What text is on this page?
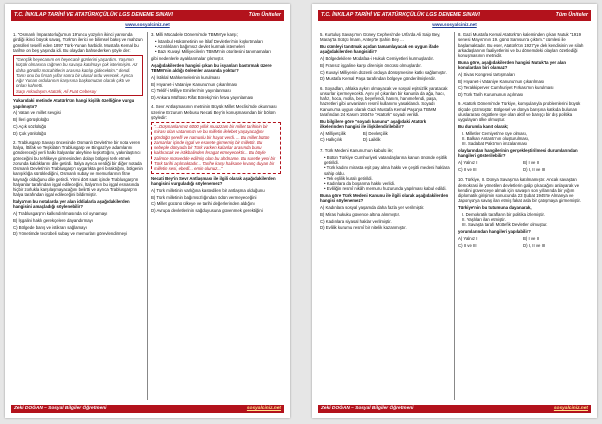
T.C. İNKILAP TARİHİ VE ATATÜRKÇÜLÜK LGS DENEME SINAVI	Tüm Üniteler
www.sosyalciniz.net

1. "Osmanlı İmparatorluğu'nun 19'uncu yüzyılın ikinci yarısında girdiği ikinci büyük savaş, Türk'ün ilerici ve bilimsel bakış ve mahzun gönülleri tesellî eden 1897 Türk-Yunan harbidir. Mustafa Kemal bu tarihte on beş yaşında idi. Bu olaydan bahsederken şöyle der:

"Gençlik heyecanım en heyecanlı günlerini yaşardım. Yaşımın küçük olmasına rağmen bu savaşa katılmayı çok isterimişim. Az daha gönüllü mücahitlerin arasına katılıp gidecektim." dendi. Tanrı onu bu fırsatı yıllar sonra bir ulusal ordu verecek. Ayrıca Ağır Yunan ordularının karşısına başkomutan olarak çıktı ve onları kahretti.
Sarp Arkadaşım Atatürk, Ali Fuat Cebesoy

Yukarıdaki metinde Atatürk'ün hangi kişilik özelliğine vurgu yapılmıştır?

A) Vatan ve millet sevgisi

B) İleri görüşlülüğü

C) Açık sözlülüğü

D) Çok yönlülüğü

2. Trablusgarp Savaşı öncesinde Osmanlı Devleti'ne bir nota veren İtalya, İttifak ve Teşkilatın Trablusgarp ve Bingazi'ye adamlarını göndereceği yerli halkı İtalyanlar aleyhine kışkırttığını, yakınlaştırıcı göreceğini bu tehlikeye girmesinden dolayı bölgeyi terk etmek zorunda kaldıklarını dile getirdi. İtalya ayrıca verdiği bir diğer notada Osmanlı Devleti'nin Trablusgarp'ı uygarlıkta geri bıraktığını, bölgenin karışıklığa sürüklediğini, Osmanlı subay ve memurlarının fitne kaynağı olduğunu dile getirdi. Yirmi dört saat içinde Trablusgarp'ın İtalyanlar tarafından işgal edileceğini, İtalya'nın bu işgal esnasında hiçbir zorlukla karşılaşmayacağını belirtti ve ayrıca Trablusgarp'ın İtalya tarafından işgal edileceğini bildirmiştir.

İtalya'nın bu notalarda yer alan iddialarla aşağıdakilerden hangisini amaçladığı söylenebilir?

A) Trablusgarp'ın kalkındırılmasında rol oynamayı

B) İşgalini haklı gerekçelere dayandırmayı

C) Bölgede barış ve istikrarı sağlamayı

D) Yönetimde tecrübeli subay ve memurları görevlendirmeyi

3. Milli Mücadele Dönemi'nde TBMM'ye karşı;

• İstanbul Hükümetinin ve İtilaf Devletleri'nin kışkırtmaları
• Azınlıkların bağımsız devlet kurmak istemeleri
• Bazı Kuvayi Milliyecilerin TBMM'nin otoritesini tanımamaları

gibi nedenlerle ayaklanmalar çıkmıştır.

Aşağıdakilerden hangisi çıkan bu isyanları bastırmak üzere TBMM'nin aldığı önlemler arasında yoktur?

A) İstiklal Mahkemelerinin kurulması

B) Hıyanet-i Vataniye Kanunu'nun çıkarılması

C) Teklif-i Milliye Emirleri'nin yayınlanması

D) Ankara Müftüsü Rifat Börekçi'nin fetva yayınlaması

4. Sevr Antlaşmasının metninin Büyük Millet Meclisi'nde okunması üzerine Erzurum Mebusu Necati Bey'in konuşmasından bir bölüm şöyledir:

"...Düşmanlarımız 6000 yıllık muazzam bir millet tarihinin bir mirası olan vatanımızı ve bu milletin ilelebet yaşayacağını gördüğü şerefli ve namuslu bir hayat verdi. ... Bu millet bütün zamanlar içinde işgal ve esarete girmemiş bir millettir. Bu sebeple dünyada bir Türk varken kalanlar arasında bunu kaldıracak ve istikbalinden feragat etmeyecektir... Bu böyle zalimce müsvedde edilmiş olan bu ahdname. Bu suretle yeni bir Türk tarihi açılmaktadır... Tarihe karşı halisane kıvanç duyan bir milletin sesi, ebedî... emin olunuz..."

Necati Bey'in Sevr Antlaşması ile ilgili olarak aşağıdakilerden hangisini vurguladığı söylenemez?

A) Türk milletinin varlığına kastedilen bir antlaşma olduğunu

B) Türk milletinin bağımsızlığından ödün vermeyeceğini

C) Millet gücünü ülkeye ve tarihi değerlerinden aldığını

D) Avrupa devletlerinin sağduyusuna güvenmek gerektiğini

Zeki DOĞAN – Sosyal Bilgiler Öğretmeni	sosyalciniz.net
T.C. İNKILAP TARİHİ VE ATATÜRKÇÜLÜK LGS DENEME SINAVI	Tüm Üniteler
www.sosyalciniz.net

5. Kurtuluş Savaşı'nın Güney Cephesi'nde Urfa'da Ali Saip Bey, Maraş'ta Sütçü İmam, Antep'te Şahin Bey ...

Bu cümleyi tanıtmak açıdan tamamlayacak en uygun ifade aşağıdakilerden hangisidir?

A) Bölgedekilere Müdafaa-i Hukuk Cemiyetleri kurmuşlardır.

B) Fransız işgaline karşı direnişin öncüsü olmuşlardır.

C) Kuvayi Milliyenin düzenli orduya dönüşmesine katkı sağlamıştır.

D) Mustafa Kemal Paşa tarafından bölgeye gönderilmişlerdir.

6. Soyadları, ahlaka aykırı olmayacak ve sosyal eşitsizlik yaratacak unsurlar içermeyecekti. Aynı yıl çıkarılan bir kanunla da ağa, hacı, hafız, hoca, molla, bey, beyefendi, hanım, hanımefendi, paşa, hazretleri gibi unvanların resmî kullanımı yasaklandı. Soyadı Kanunu'na uygun olarak Gazi Mustafa Kemal Paşa'ya TBMM tarafından 24 Kasım 1934'te "Atatürk" soyadı verildi.

Bu bilgilere göre "soyadı kanunu" aşağıdaki Atatürk ilkelerinden hangisi ile ilişkilendirilebilir?

A) Milliyetçilik	B) Devletçilik

C) Halkçılık	D) Laiklik

7. Türk Medeni Kanunu'nun kabulü ile;

• Bütün Türkiye Cumhuriyeti vatandaşlarına kanun önünde eşitlik getirildi.
• Türk kadını mirasta eşit pay alma hakkı ve çeşitli medeni haklara sahip oldu.
• Tek eşlilik kuralı getirildi.
• Kadınlara da boşanma hakkı verildi.
• Evliliğin resmî nikâh memuru huzurunda yapılması kabul edildi.

Buna göre Türk Medeni Kanunu ile ilgili olarak aşağıdakilerden hangisi söylenemez?

A) Kadınlara sosyal yaşamda daha fazla yer verilmiştir.

B) Miras hukuku güvence altına alınmıştır.

C) Kadınlara siyasal haklar verilmiştir.

D) Evlilik kurumu resmî bir nitelik kazanmıştır.

8. Gazi Mustafa Kemal Atatürk'ün kaleminden çıkan Nutuk "1919 senesi Mayıs'ının 19. günü Samsun'a çıktım." cümlesi ile başlamaktadır. Bu eser, Atatürk'ün 1927'ye dek kendisinin ve silah arkadaşlarının faaliyetlerini ve bu dönemdeki olayları özetlediği konuşmasının metnidir.

Buna göre, aşağıdakilerden hangisi Nutuk'ta yer alan konulardan biri olamaz?

A) Sivas Kongresi tartışmaları

B) Hıyanet-i Vataniye Kanunu'nun çıkarılması

C) Terakkiperver Cumhuriyet Fırkası'nın kurulması

D) Türk Tarih Kurumunun açılması

9. Atatürk Dönemi'nde Türkiye, komşularıyla problemlerini büyük ölçüde çözmüştür. Bölgesel ve dünya barışına katkıda bulunan uluslararası örgütlere üye olan aktif ve barışçı bir dış politika uygulayan ülke olmuştur.

Bu durumla kanıt olarak;

I. Milletler Cemiyeti'ne üye olması,
II. Balkan Antantı'nın oluşturulması,
III. Sadabat Paktı'nın imzalanması

olaylarından hangilerinin gerçekleştirilmesi durumlarından hangileri gösterilebilir?

A) Yalnız I	B) I ve II

C) II ve III	D) I, II ve III

10. Türkiye, II. Dünya Savaşı'na katılmamıştır. Ancak savaştan demokrasi ile yönetilen devletlerin galip çıkacağını anlayarak ve kendini güvenceye almak için savaşın son yıllarında bir yığım diplomatik girişimin sonucunda 23 Şubat 1945'te Almanya ve Japonya'ya savaş ilan etmiş fakat asla bir çatışmaya girmemiştir.

Türkiye'nin bu tutumuna dayanarak,

I. Demokratik tarafların bir politika izlemiştir.
II. Yaşlıları ilan etmiştir.
III. Savaşta tarafı Müttefik Devletler olmuştur.

yorumlarından hangileri yapılabilir?

A) Yalnız I	B) I ve II

C) II ve III	D) I, II ve III

Zeki DOĞAN – Sosyal Bilgiler Öğretmeni	sosyalciniz.net
